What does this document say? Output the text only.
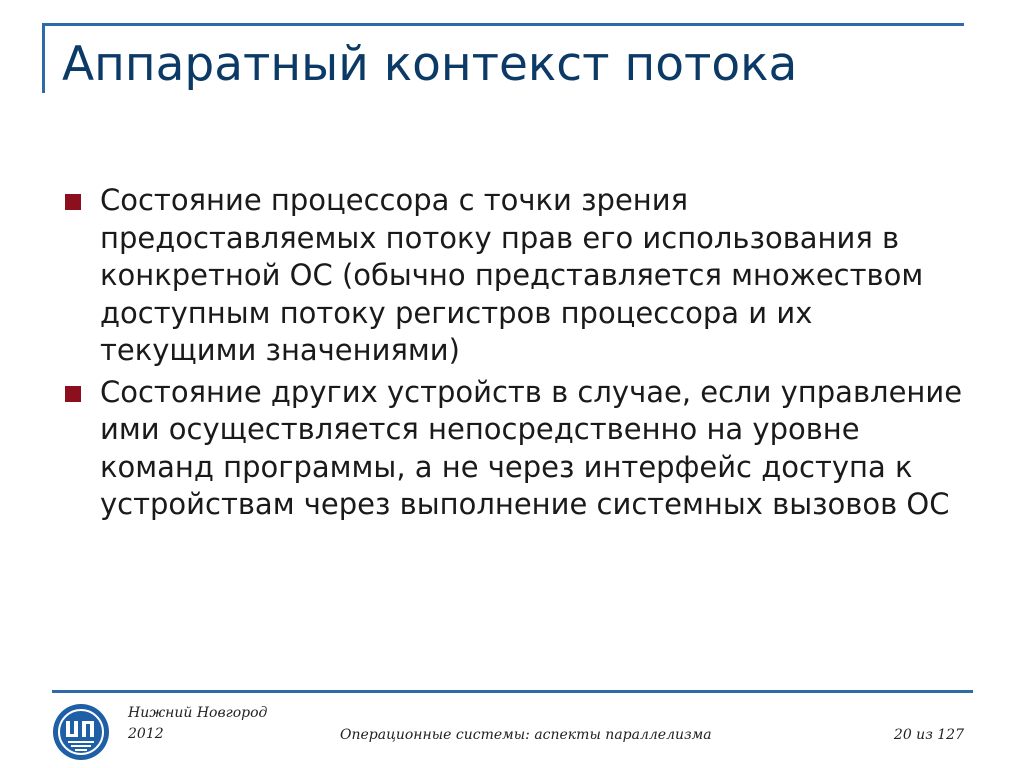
Аппаратный контекст потока
Состояние процессора с точки зрения предоставляемых потоку прав его использования в конкретной ОС (обычно представляется множеством доступным потоку регистров процессора и их текущими значениями)
Состояние других устройств в случае, если управление ими осуществляется непосредственно на уровне команд программы, а не через интерфейс доступа к устройствам через выполнение системных вызовов ОС
Нижний Новгород
2012	Операционные системы: аспекты параллелизма	20 из 127
